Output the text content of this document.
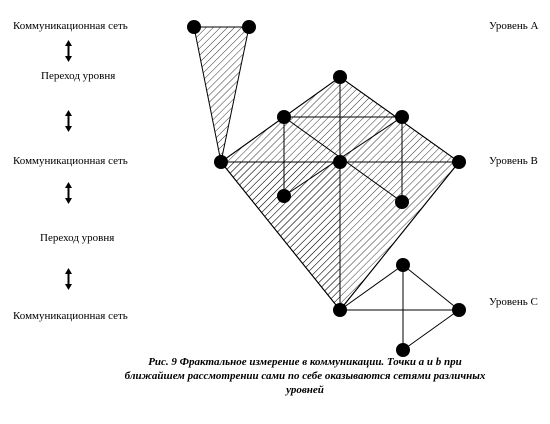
Коммуникационная сеть
Переход уровня
Коммуникационная сеть
Переход уровня
Коммуникационная сеть
Уровень А
Уровень В
Уровень С
Рис. 9 Фрактальное измерение в коммуникации. Точки a и b при
ближайшем рассмотрении сами по себе оказываются сетями различных
уровней
